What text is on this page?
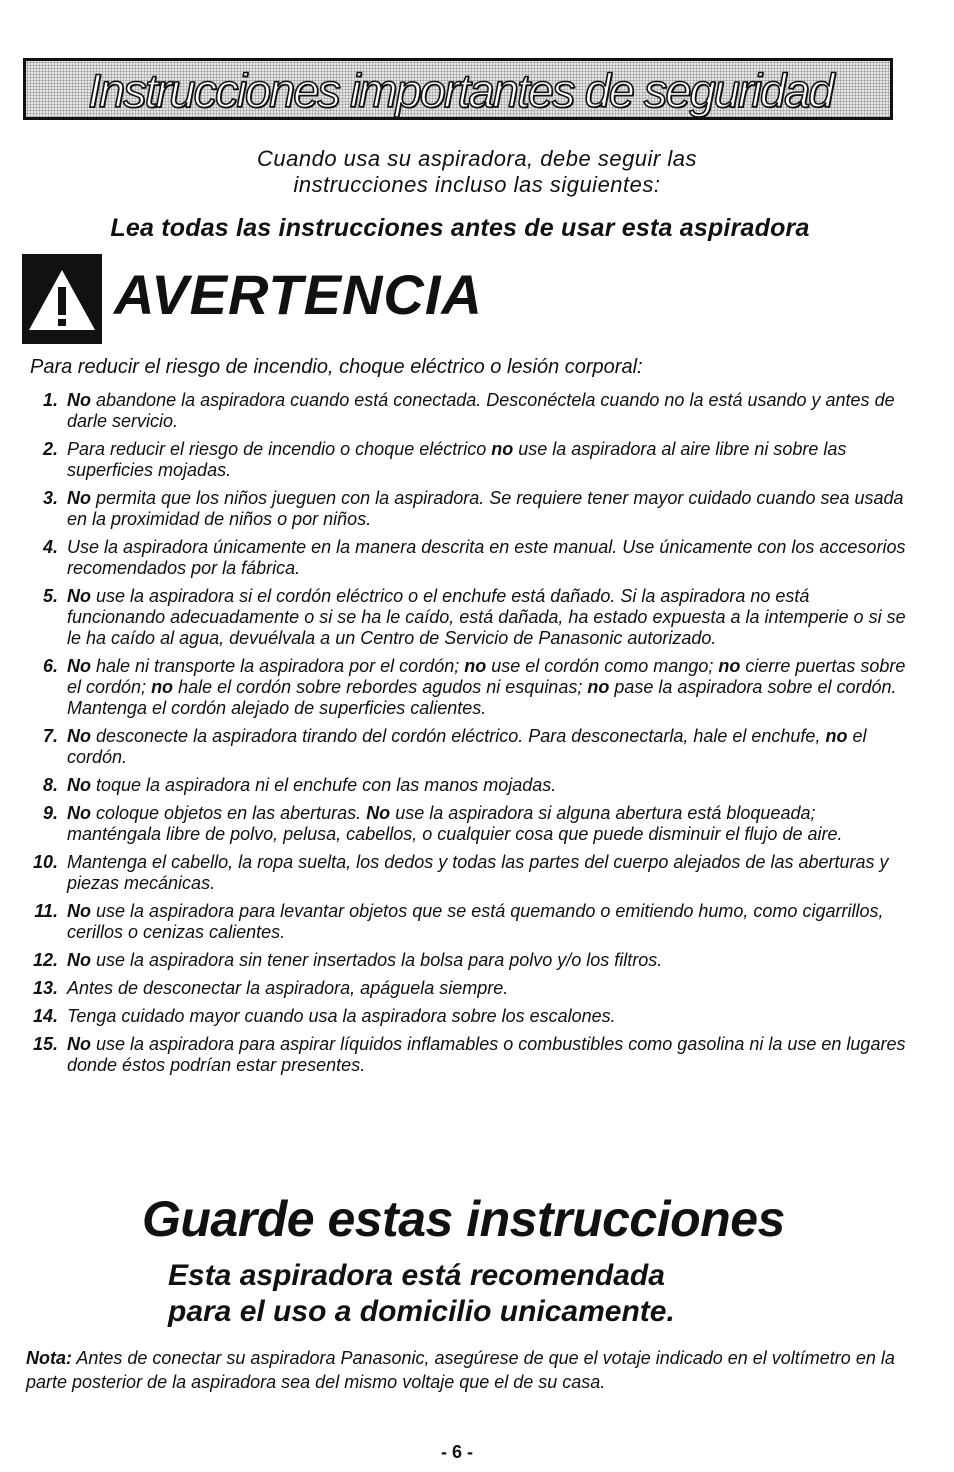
Instrucciones importantes de seguridad
Cuando usa su aspiradora, debe seguir las
instrucciones incluso las siguientes:
Lea todas las instrucciones antes de usar esta aspiradora
AVERTENCIA
Para reducir el riesgo de incendio, choque eléctrico o lesión corporal:
1. No abandone la aspiradora cuando está conectada. Desconéctela cuando no la está usando y antes de darle servicio.
2. Para reducir el riesgo de incendio o choque eléctrico no use la aspiradora al aire libre ni sobre las superficies mojadas.
3. No permita que los niños jueguen con la aspiradora. Se requiere tener mayor cuidado cuando sea usada en la proximidad de niños o por niños.
4. Use la aspiradora únicamente en la manera descrita en este manual. Use únicamente con los accesorios recomendados por la fábrica.
5. No use la aspiradora si el cordón eléctrico o el enchufe está dañado. Si la aspiradora no está funcionando adecuadamente o si se ha le caído, está dañada, ha estado expuesta a la intemperie o si se le ha caído al agua, devuélvala a un Centro de Servicio de Panasonic autorizado.
6. No hale ni transporte la aspiradora por el cordón; no use el cordón como mango; no cierre puertas sobre el cordón; no hale el cordón sobre rebordes agudos ni esquinas; no pase la aspiradora sobre el cordón. Mantenga el cordón alejado de superficies calientes.
7. No desconecte la aspiradora tirando del cordón eléctrico. Para desconectarla, hale el enchufe, no el cordón.
8. No toque la aspiradora ni el enchufe con las manos mojadas.
9. No coloque objetos en las aberturas. No use la aspiradora si alguna abertura está bloqueada; manténgala libre de polvo, pelusa, cabellos, o cualquier cosa que puede disminuir el flujo de aire.
10. Mantenga el cabello, la ropa suelta, los dedos y todas las partes del cuerpo alejados de las aberturas y piezas mecánicas.
11. No use la aspiradora para levantar objetos que se está quemando o emitiendo humo, como cigarrillos, cerillos o cenizas calientes.
12. No use la aspiradora sin tener insertados la bolsa para polvo y/o los filtros.
13. Antes de desconectar la aspiradora, apáguela siempre.
14. Tenga cuidado mayor cuando usa la aspiradora sobre los escalones.
15. No use la aspiradora para aspirar líquidos inflamables o combustibles como gasolina ni la use en lugares donde éstos podrían estar presentes.
Guarde estas instrucciones
Esta aspiradora está recomendada
para el uso a domicilio unicamente.
Nota: Antes de conectar su aspiradora Panasonic, asegúrese de que el votaje indicado en el voltímetro en la parte posterior de la aspiradora sea del mismo voltaje que el de su casa.
- 6 -
